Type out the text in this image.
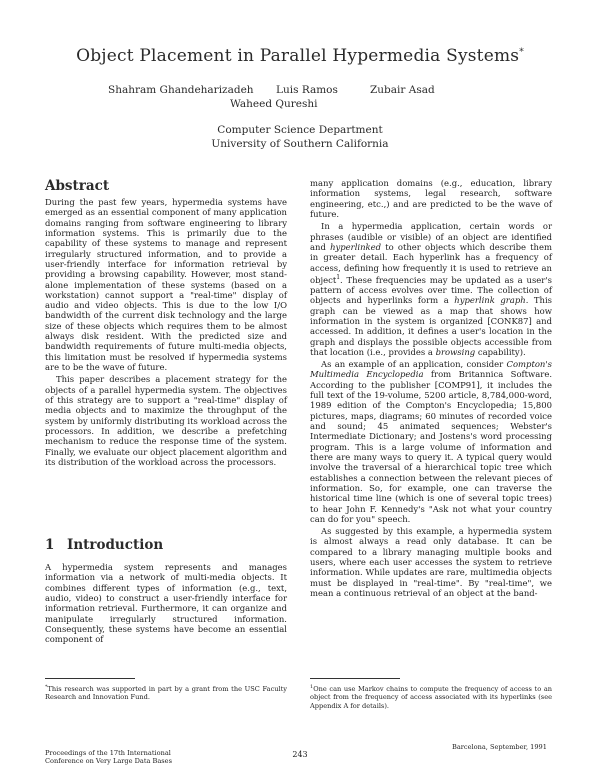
Object Placement in Parallel Hypermedia Systems*
Shahram Ghandeharizadeh Luis Ramos	Zubair Asad
Waheed Qureshi
Computer Science Department
University of Southern California
Abstract

During the past few years, hypermedia systems have emerged as an essential component of many application domains ranging from software engineering to library information systems. This is primarily due to the capability of these systems to manage and represent irregularly structured information, and to provide a user-friendly interface for information retrieval by providing a browsing capability. However, most stand-alone implementation of these systems (based on a workstation) cannot support a "real-time" display of audio and video objects. This is due to the low I/O bandwidth of the current disk technology and the large size of these objects which requires them to be almost always disk resident. With the predicted size and bandwidth requirements of future multi-media objects, this limitation must be resolved if hypermedia systems are to be the wave of future.

This paper describes a placement strategy for the objects of a parallel hypermedia system. The objectives of this strategy are to support a "real-time" display of media objects and to maximize the throughput of the system by uniformly distributing its workload across the processors. In addition, we describe a prefetching mechanism to reduce the response time of the system. Finally, we evaluate our object placement algorithm and its distribution of the workload across the processors.

1 Introduction

A hypermedia system represents and manages information via a network of multi-media objects. It combines different types of information (e.g., text, audio, video) to construct a user-friendly interface for information retrieval. Furthermore, it can organize and manipulate irregularly structured information. Consequently, these systems have become an essential component of

*This research was supported in part by a grant from the USC Faculty Research and Innovation Fund.

many application domains (e.g., education, library information systems, legal research, software engineering, etc.,) and are predicted to be the wave of future.

In a hypermedia application, certain words or phrases (audible or visible) of an object are identified and hyperlinked to other objects which describe them in greater detail. Each hyperlink has a frequency of access, defining how frequently it is used to retrieve an object$^1$. These frequencies may be updated as a user's pattern of access evolves over time. The collection of objects and hyperlinks form a hyperlink graph. This graph can be viewed as a map that shows how information in the system is organized [CONK87] and accessed. In addition, it defines a user's location in the graph and displays the possible objects accessible from that location (i.e., provides a browsing capability).

As an example of an application, consider Compton's Multimedia Encyclopedia from Britannica Software. According to the publisher [COMP91], it includes the full text of the 19-volume, 5200 article, 8,784,000-word, 1989 edition of the Compton's Encyclopedia; 15,800 pictures, maps, diagrams; 60 minutes of recorded voice and sound; 45 animated sequences; Webster's Intermediate Dictionary; and Jostens's word processing program. This is a large volume of information and there are many ways to query it. A typical query would involve the traversal of a hierarchical topic tree which establishes a connection between the relevant pieces of information. So, for example, one can traverse the historical time line (which is one of several topic trees) to hear John F. Kennedy's "Ask not what your country can do for you" speech.

As suggested by this example, a hypermedia system is almost always a read only database. It can be compared to a library managing multiple books and users, where each user accesses the system to retrieve information. While updates are rare, multimedia objects must be displayed in "real-time". By "real-time", we mean a continuous retrieval of an object at the band-

$^1$One can use Markov chains to compute the frequency of access to an object from the frequency of access associated with its hyperlinks (see Appendix A for details).
Proceedings of the 17th International
Conference on Very Large Data Bases
243
Barcelona, September, 1991
